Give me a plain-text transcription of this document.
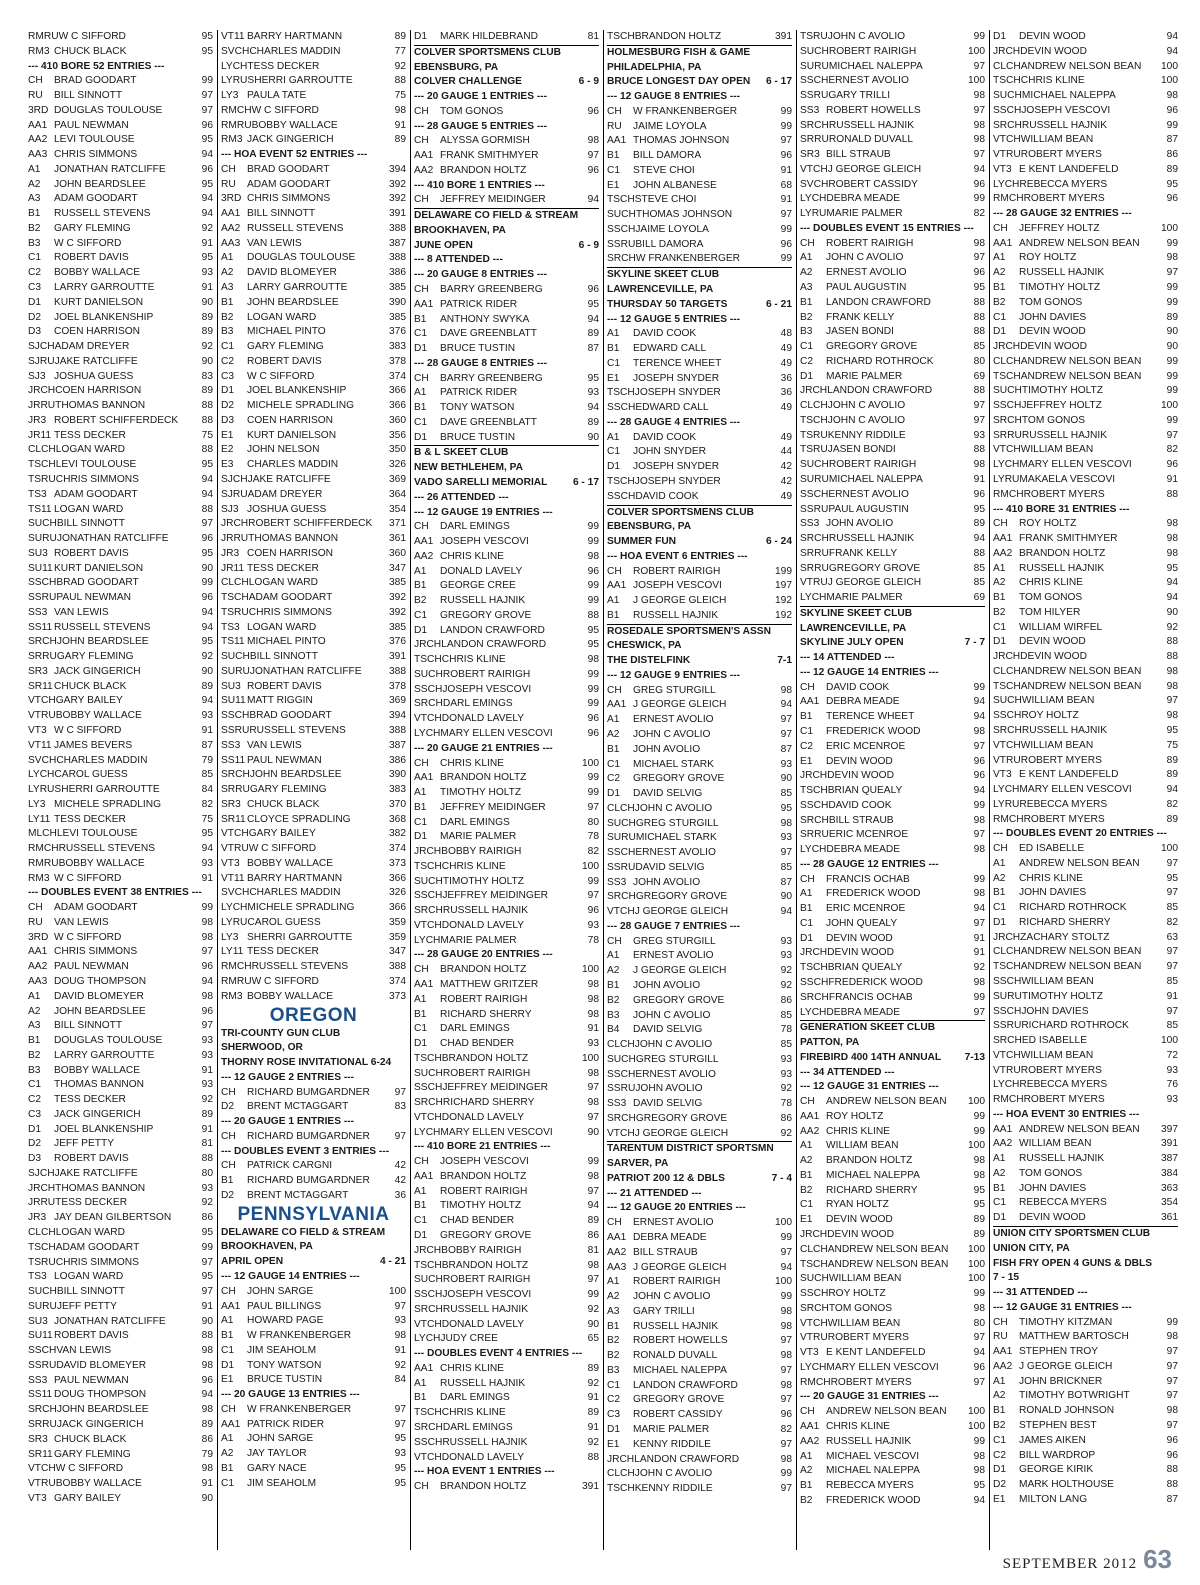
RMRU W C SIFFORD	95
RM3 CHUCK BLACK	95
--- 410 BORE 52 ENTRIES ---
CH	BRAD GOODART	99
RU	BILL SINNOTT	97
3RD DOUGLAS TOULOUSE	97
AA1 PAUL NEWMAN	96
AA2 LEVI TOULOUSE	95
AA3 CHRIS SIMMONS	94
A1	JONATHAN RATCLIFFE	96
A2	JOHN BEARDSLEE	95
A3	ADAM GOODART	94
B1	RUSSELL STEVENS	94
B2	GARY FLEMING	92
B3	W C SIFFORD	91
C1	ROBERT DAVIS	95
C2	BOBBY WALLACE	93
C3	LARRY GARROUTTE	91
D1	KURT DANIELSON	90
D2	JOEL BLANKENSHIP	89
D3	COEN HARRISON	89
SJCH ADAM DREYER	92
SJRU JAKE RATCLIFFE	90
SJ3 JOSHUA GUESS	83
JRCH COEN HARRISON	89
JRRU THOMAS BANNON	88
JR3 ROBERT SCHIFFERDECK	88
JR11 TESS DECKER	75
CLCH LOGAN WARD	88
TSCH LEVI TOULOUSE	95
TSRU CHRIS SIMMONS	94
TS3 ADAM GOODART	94
TS11 LOGAN WARD	88
SUCH BILL SINNOTT	97
SURU JONATHAN RATCLIFFE	96
SU3 ROBERT DAVIS	95
SU11 KURT DANIELSON	90
SSCH BRAD GOODART	99
SSRU PAUL NEWMAN	96
SS3 VAN LEWIS	94
SS11 RUSSELL STEVENS	94
SRCH JOHN BEARDSLEE	95
SRRU GARY FLEMING	92
SR3 JACK GINGERICH	90
SR11 CHUCK BLACK	89
VTCH GARY BAILEY	94
VTRU BOBBY WALLACE	93
VT3 W C SIFFORD	91
VT11 JAMES BEVERS	87
SVCH CHARLES MADDIN	79
LYCH CAROL GUESS	85
LYRU SHERRI GARROUTTE	84
LY3 MICHELE SPRADLING	82
LY11 TESS DECKER	75
MLCH LEVI TOULOUSE	95
RMCH RUSSELL STEVENS	94
RMRU BOBBY WALLACE	93
RM3 W C SIFFORD	91
--- DOUBLES EVENT 38 ENTRIES ---
CH	ADAM GOODART	99
RU	VAN LEWIS	98
3RD W C SIFFORD	98
AA1 CHRIS SIMMONS	97
AA2 PAUL NEWMAN	96
AA3 DOUG THOMPSON	94
A1	DAVID BLOMEYER	98
A2	JOHN BEARDSLEE	96
A3	BILL SINNOTT	97
B1	DOUGLAS TOULOUSE	93
B2	LARRY GARROUTTE	93
B3	BOBBY WALLACE	91
C1	THOMAS BANNON	93
C2	TESS DECKER	92
C3	JACK GINGERICH	89
D1	JOEL BLANKENSHIP	91
D2	JEFF PETTY	81
D3	ROBERT DAVIS	88
SJCH JAKE RATCLIFFE	80
JRCH THOMAS BANNON	93
JRRU TESS DECKER	92
JR3 JAY DEAN GILBERTSON	86
CLCH LOGAN WARD	95
TSCH ADAM GOODART	99
TSRU CHRIS SIMMONS	97
TS3 LOGAN WARD	95
SUCH BILL SINNOTT	97
SURU JEFF PETTY	91
SU3 JONATHAN RATCLIFFE	90
SU11 ROBERT DAVIS	88
SSCH VAN LEWIS	98
SSRU DAVID BLOMEYER	98
SS3 PAUL NEWMAN	96
SS11 DOUG THOMPSON	94
SRCH JOHN BEARDSLEE	98
SRRU JACK GINGERICH	89
SR3 CHUCK BLACK	86
SR11 GARY FLEMING	79
VTCH W C SIFFORD	98
VTRU BOBBY WALLACE	91
VT3 GARY BAILEY	90
VT11 BARRY HARTMANN	89
SVCH CHARLES MADDIN	77
LYCH TESS DECKER	92
LYRU SHERRI GARROUTTE	88
LY3 PAULA TATE	75
RMCH W C SIFFORD	98
RMRU BOBBY WALLACE	91
RM3 JACK GINGERICH	89
--- HOA EVENT 52 ENTRIES ---
CH	BRAD GOODART	394
RU	ADAM GOODART	392
3RD CHRIS SIMMONS	392
AA1 BILL SINNOTT	391
AA2 RUSSELL STEVENS	388
AA3 VAN LEWIS	387
A1	DOUGLAS TOULOUSE	388
A2	DAVID BLOMEYER	386
A3	LARRY GARROUTTE	385
B1	JOHN BEARDSLEE	390
B2	LOGAN WARD	385
B3	MICHAEL PINTO	376
C1	GARY FLEMING	383
C2	ROBERT DAVIS	378
C3	W C SIFFORD	374
D1	JOEL BLANKENSHIP	366
D2	MICHELE SPRADLING	366
D3	COEN HARRISON	360
E1	KURT DANIELSON	356
E2	JOHN NELSON	350
E3	CHARLES MADDIN	326
SJCH JAKE RATCLIFFE	369
SJRU ADAM DREYER	364
SJ3 JOSHUA GUESS	354
JRCH ROBERT SCHIFFERDECK	371
JRRU THOMAS BANNON	361
JR3 COEN HARRISON	360
JR11 TESS DECKER	347
CLCH LOGAN WARD	385
TSCH ADAM GOODART	392
TSRU CHRIS SIMMONS	392
TS3 LOGAN WARD	385
TS11 MICHAEL PINTO	376
SUCH BILL SINNOTT	391
SURU JONATHAN RATCLIFFE	388
SU3 ROBERT DAVIS	378
SU11 MATT RIGGIN	369
SSCH BRAD GOODART	394
SSRU RUSSELL STEVENS	388
SS3 VAN LEWIS	387
SS11 PAUL NEWMAN	386
SRCH JOHN BEARDSLEE	390
SRRU GARY FLEMING	383
SR3 CHUCK BLACK	370
SR11 CLOYCE SPRADLING	368
VTCH GARY BAILEY	382
VTRU W C SIFFORD	374
VT3 BOBBY WALLACE	373
VT11 BARRY HARTMANN	366
SVCH CHARLES MADDIN	326
LYCH MICHELE SPRADLING	366
LYRU CAROL GUESS	359
LY3 SHERRI GARROUTTE	359
LY11 TESS DECKER	347
RMCH RUSSELL STEVENS	388
RMRU W C SIFFORD	374
RM3 BOBBY WALLACE	373
OREGON
TRI-COUNTY GUN CLUB
SHERWOOD, OR
THORNY ROSE INVITATIONAL 6-24
--- 12 GAUGE 2 ENTRIES ---
CH	RICHARD BUMGARDNER	97
D2	BRENT MCTAGGART	83
--- 20 GAUGE 1 ENTRIES ---
CH	RICHARD BUMGARDNER	97
--- DOUBLES EVENT 3 ENTRIES ---
CH	PATRICK CARGNI	42
B1	RICHARD BUMGARDNER	42
D2	BRENT MCTAGGART	36
PENNSYLVANIA
DELAWARE CO FIELD & STREAM
BROOKHAVEN, PA
APRIL OPEN	4 - 21
--- 12 GAUGE 14 ENTRIES ---
CH	JOHN SARGE	100
AA1 PAUL BILLINGS	97
A1	HOWARD PAGE	93
B1	W FRANKENBERGER	98
C1	JIM SEAHOLM	91
D1	TONY WATSON	92
E1	BRUCE TUSTIN	84
--- 20 GAUGE 13 ENTRIES ---
CH	W FRANKENBERGER	97
AA1 PATRICK RIDER	97
A1	JOHN SARGE	95
A2	JAY TAYLOR	93
B1	GARY NACE	95
C1	JIM SEAHOLM	95
D1	MARK HILDEBRAND	81
COLVER SPORTSMENS CLUB
EBENSBURG, PA
COLVER CHALLENGE	6 - 9
--- 20 GAUGE 1 ENTRIES ---
CH	TOM GONOS	96
--- 28 GAUGE 5 ENTRIES ---
CH	ALYSSA GORMISH	98
AA1 FRANK SMITHMYER	97
AA2 BRANDON HOLTZ	96
--- 410 BORE 1 ENTRIES ---
CH	JEFFREY MEIDINGER	94
DELAWARE CO FIELD & STREAM
BROOKHAVEN, PA
JUNE OPEN	6 - 9
--- 8 ATTENDED ---
--- 20 GAUGE 8 ENTRIES ---
CH	BARRY GREENBERG	96
AA1 PATRICK RIDER	95
B1	ANTHONY SWYKA	94
C1	DAVE GREENBLATT	89
D1	BRUCE TUSTIN	87
--- 28 GAUGE 8 ENTRIES ---
CH	BARRY GREENBERG	95
A1	PATRICK RIDER	93
B1	TONY WATSON	94
C1	DAVE GREENBLATT	89
D1	BRUCE TUSTIN	90
B & L SKEET CLUB
NEW BETHLEHEM, PA
VADO SARELLI MEMORIAL	6 - 17
--- 26 ATTENDED ---
--- 12 GAUGE 19 ENTRIES ---
CH	DARL EMINGS	99
AA1 JOSEPH VESCOVI	99
AA2 CHRIS KLINE	98
A1	DONALD LAVELY	96
B1	GEORGE CREE	99
B2	RUSSELL HAJNIK	99
C1	GREGORY GROVE	88
D1	LANDON CRAWFORD	95
JRCH LANDON CRAWFORD	95
TSCH CHRIS KLINE	98
SUCH ROBERT RAIRIGH	99
SSCH JOSEPH VESCOVI	99
SRCH DARL EMINGS	99
VTCH DONALD LAVELY	96
LYCH MARY ELLEN VESCOVI	96
--- 20 GAUGE 21 ENTRIES ---
CH	CHRIS KLINE	100
AA1 BRANDON HOLTZ	99
A1	TIMOTHY HOLTZ	99
B1	JEFFREY MEIDINGER	97
C1	DARL EMINGS	80
D1	MARIE PALMER	78
JRCH BOBBY RAIRIGH	82
TSCH CHRIS KLINE	100
SUCH TIMOTHY HOLTZ	99
SSCH JEFFREY MEIDINGER	97
SRCH RUSSELL HAJNIK	96
VTCH DONALD LAVELY	93
LYCH MARIE PALMER	78
--- 28 GAUGE 20 ENTRIES ---
CH	BRANDON HOLTZ	100
AA1 MATTHEW GRITZER	98
A1	ROBERT RAIRIGH	98
B1	RICHARD SHERRY	98
C1	DARL EMINGS	91
D1	CHAD BENDER	93
TSCH BRANDON HOLTZ	100
SUCH ROBERT RAIRIGH	98
SSCH JEFFREY MEIDINGER	97
SRCH RICHARD SHERRY	98
VTCH DONALD LAVELY	97
LYCH MARY ELLEN VESCOVI	90
--- 410 BORE 21 ENTRIES ---
CH	JOSEPH VESCOVI	99
AA1 BRANDON HOLTZ	98
A1	ROBERT RAIRIGH	97
B1	TIMOTHY HOLTZ	94
C1	CHAD BENDER	89
D1	GREGORY GROVE	86
JRCH BOBBY RAIRIGH	81
TSCH BRANDON HOLTZ	98
SUCH ROBERT RAIRIGH	97
SSCH JOSEPH VESCOVI	99
SRCH RUSSELL HAJNIK	92
VTCH DONALD LAVELY	90
LYCH JUDY CREE	65
--- DOUBLES EVENT 4 ENTRIES ---
AA1 CHRIS KLINE	89
A1	RUSSELL HAJNIK	92
B1	DARL EMINGS	91
TSCH CHRIS KLINE	89
SRCH DARL EMINGS	91
SSCH RUSSELL HAJNIK	92
VTCH DONALD LAVELY	88
--- HOA EVENT 1 ENTRIES ---
CH	BRANDON HOLTZ	391
TSCH BRANDON HOLTZ	391
HOLMESBURG FISH & GAME
PHILADELPHIA, PA
BRUCE LONGEST DAY OPEN	6 - 17
--- 12 GAUGE 8 ENTRIES ---
CH	W FRANKENBERGER	99
RU	JAIME LOYOLA	99
AA1 THOMAS JOHNSON	97
B1	BILL DAMORA	96
C1	STEVE CHOI	91
E1	JOHN ALBANESE	68
TSCH STEVE CHOI	91
SUCH THOMAS JOHNSON	97
SSCH JAIME LOYOLA	99
SSRU BILL DAMORA	96
SRCH W FRANKENBERGER	99
SKYLINE SKEET CLUB
LAWRENCEVILLE, PA
THURSDAY 50 TARGETS	6 - 21
--- 12 GAUGE 5 ENTRIES ---
A1	DAVID COOK	48
B1	EDWARD CALL	49
C1	TERENCE WHEET	49
E1	JOSEPH SNYDER	36
TSCH JOSEPH SNYDER	36
SSCH EDWARD CALL	49
--- 28 GAUGE 4 ENTRIES ---
A1	DAVID COOK	49
C1	JOHN SNYDER	44
D1	JOSEPH SNYDER	42
TSCH JOSEPH SNYDER	42
SSCH DAVID COOK	49
COLVER SPORTSMENS CLUB
EBENSBURG, PA
SUMMER FUN	6 - 24
--- HOA EVENT 6 ENTRIES ---
CH	ROBERT RAIRIGH	199
AA1 JOSEPH VESCOVI	197
A1	J GEORGE GLEICH	192
B1	RUSSELL HAJNIK	192
ROSEDALE SPORTSMEN'S ASSN
CHESWICK, PA
THE DISTELFINK	7-1
--- 12 GAUGE 9 ENTRIES ---
CH	GREG STURGILL	98
AA1 J GEORGE GLEICH	94
A1	ERNEST AVOLIO	97
A2	JOHN C AVOLIO	97
B1	JOHN AVOLIO	87
C1	MICHAEL STARK	93
C2	GREGORY GROVE	90
D1	DAVID SELVIG	85
CLCH JOHN C AVOLIO	95
SUCH GREG STURGILL	98
SURU MICHAEL STARK	93
SSCH ERNEST AVOLIO	97
SSRU DAVID SELVIG	85
SS3 JOHN AVOLIO	87
SRCH GREGORY GROVE	90
VTCH J GEORGE GLEICH	94
--- 28 GAUGE 7 ENTRIES ---
CH	GREG STURGILL	93
A1	ERNEST AVOLIO	93
A2	J GEORGE GLEICH	92
B1	JOHN AVOLIO	92
B2	GREGORY GROVE	86
B3	JOHN C AVOLIO	85
B4	DAVID SELVIG	78
CLCH JOHN C AVOLIO	85
SUCH GREG STURGILL	93
SSCH ERNEST AVOLIO	93
SSRU JOHN AVOLIO	92
SS3 DAVID SELVIG	78
SRCH GREGORY GROVE	86
VTCH J GEORGE GLEICH	92
TARENTUM DISTRICT SPORTSMN
SARVER, PA
PATRIOT 200 12 & DBLS	7 - 4
--- 21 ATTENDED ---
--- 12 GAUGE 20 ENTRIES ---
CH	ERNEST AVOLIO	100
AA1 DEBRA MEADE	99
AA2 BILL STRAUB	97
AA3 J GEORGE GLEICH	94
A1	ROBERT RAIRIGH	100
A2	JOHN C AVOLIO	99
A3	GARY TRILLI	98
B1	RUSSELL HAJNIK	98
B2	ROBERT HOWELLS	97
B2	RONALD DUVALL	98
B3	MICHAEL NALEPPA	97
C1	LANDON CRAWFORD	98
C2	GREGORY GROVE	97
C3	ROBERT CASSIDY	96
D1	MARIE PALMER	82
E1	KENNY RIDDILE	97
JRCH LANDON CRAWFORD	98
CLCH JOHN C AVOLIO	99
TSCH KENNY RIDDILE	97
TSRU JOHN C AVOLIO	99
SUCH ROBERT RAIRIGH	100
SURU MICHAEL NALEPPA	97
SSCH ERNEST AVOLIO	100
SSRU GARY TRILLI	98
SS3 ROBERT HOWELLS	97
SRCH RUSSELL HAJNIK	98
SRRU RONALD DUVALL	98
SR3 BILL STRAUB	97
VTCH J GEORGE GLEICH	94
SVCH ROBERT CASSIDY	96
LYCH DEBRA MEADE	99
LYRU MARIE PALMER	82
--- DOUBLES EVENT 15 ENTRIES ---
CH	ROBERT RAIRIGH	98
A1	JOHN C AVOLIO	97
A2	ERNEST AVOLIO	96
A3	PAUL AUGUSTIN	95
B1	LANDON CRAWFORD	88
B2	FRANK KELLY	88
B3	JASEN BONDI	88
C1	GREGORY GROVE	85
C2	RICHARD ROTHROCK	80
D1	MARIE PALMER	69
JRCH LANDON CRAWFORD	88
CLCH JOHN C AVOLIO	97
TSCH JOHN C AVOLIO	97
TSRU KENNY RIDDILE	93
TSRU JASEN BONDI	88
SUCH ROBERT RAIRIGH	98
SURU MICHAEL NALEPPA	91
SSCH ERNEST AVOLIO	96
SSRU PAUL AUGUSTIN	95
SS3 JOHN AVOLIO	89
SRCH RUSSELL HAJNIK	94
SRRU FRANK KELLY	88
SRRU GREGORY GROVE	85
VTRU J GEORGE GLEICH	85
LYCH MARIE PALMER	69
SKYLINE SKEET CLUB
LAWRENCEVILLE, PA
SKYLINE JULY OPEN	7 - 7
--- 14 ATTENDED ---
--- 12 GAUGE 14 ENTRIES ---
CH	DAVID COOK	99
AA1 DEBRA MEADE	94
B1	TERENCE WHEET	94
C1	FREDERICK WOOD	98
C2	ERIC MCENROE	97
E1	DEVIN WOOD	96
JRCH DEVIN WOOD	96
TSCH BRIAN QUEALY	94
SSCH DAVID COOK	99
SRCH BILL STRAUB	98
SRRU ERIC MCENROE	97
LYCH DEBRA MEADE	98
--- 28 GAUGE 12 ENTRIES ---
CH	FRANCIS OCHAB	99
A1	FREDERICK WOOD	98
B1	ERIC MCENROE	94
C1	JOHN QUEALY	97
D1	DEVIN WOOD	91
JRCH DEVIN WOOD	91
TSCH BRIAN QUEALY	92
SSCH FREDERICK WOOD	98
SRCH FRANCIS OCHAB	99
LYCH DEBRA MEADE	97
GENERATION SKEET CLUB
PATTON, PA
FIREBIRD 400 14TH ANNUAL	7-13
--- 34 ATTENDED ---
--- 12 GAUGE 31 ENTRIES ---
CH	ANDREW NELSON BEAN	100
AA1 ROY HOLTZ	99
AA2 CHRIS KLINE	99
A1	WILLIAM BEAN	100
A2	BRANDON HOLTZ	98
B1	MICHAEL NALEPPA	98
B2	RICHARD SHERRY	95
C1	RYAN HOLTZ	95
E1	DEVIN WOOD	89
JRCH DEVIN WOOD	89
CLCH ANDREW NELSON BEAN	100
TSCH ANDREW NELSON BEAN	100
SUCH WILLIAM BEAN	100
SSCH ROY HOLTZ	99
SRCH TOM GONOS	98
VTCH WILLIAM BEAN	80
VTRU ROBERT MYERS	97
VT3 E KENT LANDEFELD	94
LYCH MARY ELLEN VESCOVI	96
RMCH ROBERT MYERS	97
--- 20 GAUGE 31 ENTRIES ---
CH	ANDREW NELSON BEAN	100
AA1 CHRIS KLINE	100
AA2 RUSSELL HAJNIK	99
A1	MICHAEL VESCOVI	98
A2	MICHAEL NALEPPA	98
B1	REBECCA MYERS	95
B2	FREDERICK WOOD	94
D1	DEVIN WOOD	94
JRCH DEVIN WOOD	94
CLCH ANDREW NELSON BEAN	100
TSCH CHRIS KLINE	100
SUCH MICHAEL NALEPPA	98
SSCH JOSEPH VESCOVI	96
SRCH RUSSELL HAJNIK	99
VTCH WILLIAM BEAN	87
VTRU ROBERT MYERS	86
VT3 E KENT LANDEFELD	89
LYCH REBECCA MYERS	95
RMCH ROBERT MYERS	96
--- 28 GAUGE 32 ENTRIES ---
CH	JEFFREY HOLTZ	100
AA1 ANDREW NELSON BEAN	99
A1	ROY HOLTZ	98
A2	RUSSELL HAJNIK	97
B1	TIMOTHY HOLTZ	99
B2	TOM GONOS	99
C1	JOHN DAVIES	89
D1	DEVIN WOOD	90
JRCH DEVIN WOOD	90
CLCH ANDREW NELSON BEAN	99
TSCH ANDREW NELSON BEAN	99
SUCH TIMOTHY HOLTZ	99
SSCH JEFFREY HOLTZ	100
SRCH TOM GONOS	99
SRRU RUSSELL HAJNIK	97
VTCH WILLIAM BEAN	82
LYCH MARY ELLEN VESCOVI	96
LYRU MAKAELA VESCOVI	91
RMCH ROBERT MYERS	88
--- 410 BORE 31 ENTRIES ---
CH	ROY HOLTZ	98
AA1 FRANK SMITHMYER	98
AA2 BRANDON HOLTZ	98
A1	RUSSELL HAJNIK	95
A2	CHRIS KLINE	94
B1	TOM GONOS	94
B2	TOM HILYER	90
C1	WILLIAM WIRFEL	92
D1	DEVIN WOOD	88
JRCH DEVIN WOOD	88
CLCH ANDREW NELSON BEAN	98
TSCH ANDREW NELSON BEAN	98
SUCH WILLIAM BEAN	97
SSCH ROY HOLTZ	98
SRCH RUSSELL HAJNIK	95
VTCH WILLIAM BEAN	75
VTRU ROBERT MYERS	89
VT3 E KENT LANDEFELD	89
LYCH MARY ELLEN VESCOVI	94
LYRU REBECCA MYERS	82
RMCH ROBERT MYERS	89
--- DOUBLES EVENT 20 ENTRIES ---
CH	ED ISABELLE	100
A1	ANDREW NELSON BEAN	97
A2	CHRIS KLINE	95
B1	JOHN DAVIES	97
C1	RICHARD ROTHROCK	85
D1	RICHARD SHERRY	82
JRCH ZACHARY STOLTZ	63
CLCH ANDREW NELSON BEAN	97
TSCH ANDREW NELSON BEAN	97
SSCH WILLIAM BEAN	85
SURU TIMOTHY HOLTZ	91
SSCH JOHN DAVIES	97
SSRU RICHARD ROTHROCK	85
SRCH ED ISABELLE	100
VTCH WILLIAM BEAN	72
VTRU ROBERT MYERS	93
LYCH REBECCA MYERS	76
RMCH ROBERT MYERS	93
--- HOA EVENT 30 ENTRIES ---
AA1 ANDREW NELSON BEAN	397
AA2 WILLIAM BEAN	391
A1	RUSSELL HAJNIK	387
A2	TOM GONOS	384
B1	JOHN DAVIES	363
C1	REBECCA MYERS	354
D1	DEVIN WOOD	361
UNION CITY SPORTSMEN CLUB
UNION CITY, PA
FISH FRY OPEN 4 GUNS & DBLS
7 - 15
--- 31 ATTENDED ---
--- 12 GAUGE 31 ENTRIES ---
CH	TIMOTHY KITZMAN	99
RU	MATTHEW BARTOSCH	98
AA1 STEPHEN TROY	97
AA2 J GEORGE GLEICH	97
A1	JOHN BRICKNER	97
A2	TIMOTHY BOTWRIGHT	97
B1	RONALD JOHNSON	98
B2	STEPHEN BEST	97
C1	JAMES AIKEN	96
C2	BILL WARDROP	96
D1	GEORGE KIRIK	88
D2	MARK HOLTHOUSE	88
E1	MILTON LANG	87
SEPTEMBER 2012 63
